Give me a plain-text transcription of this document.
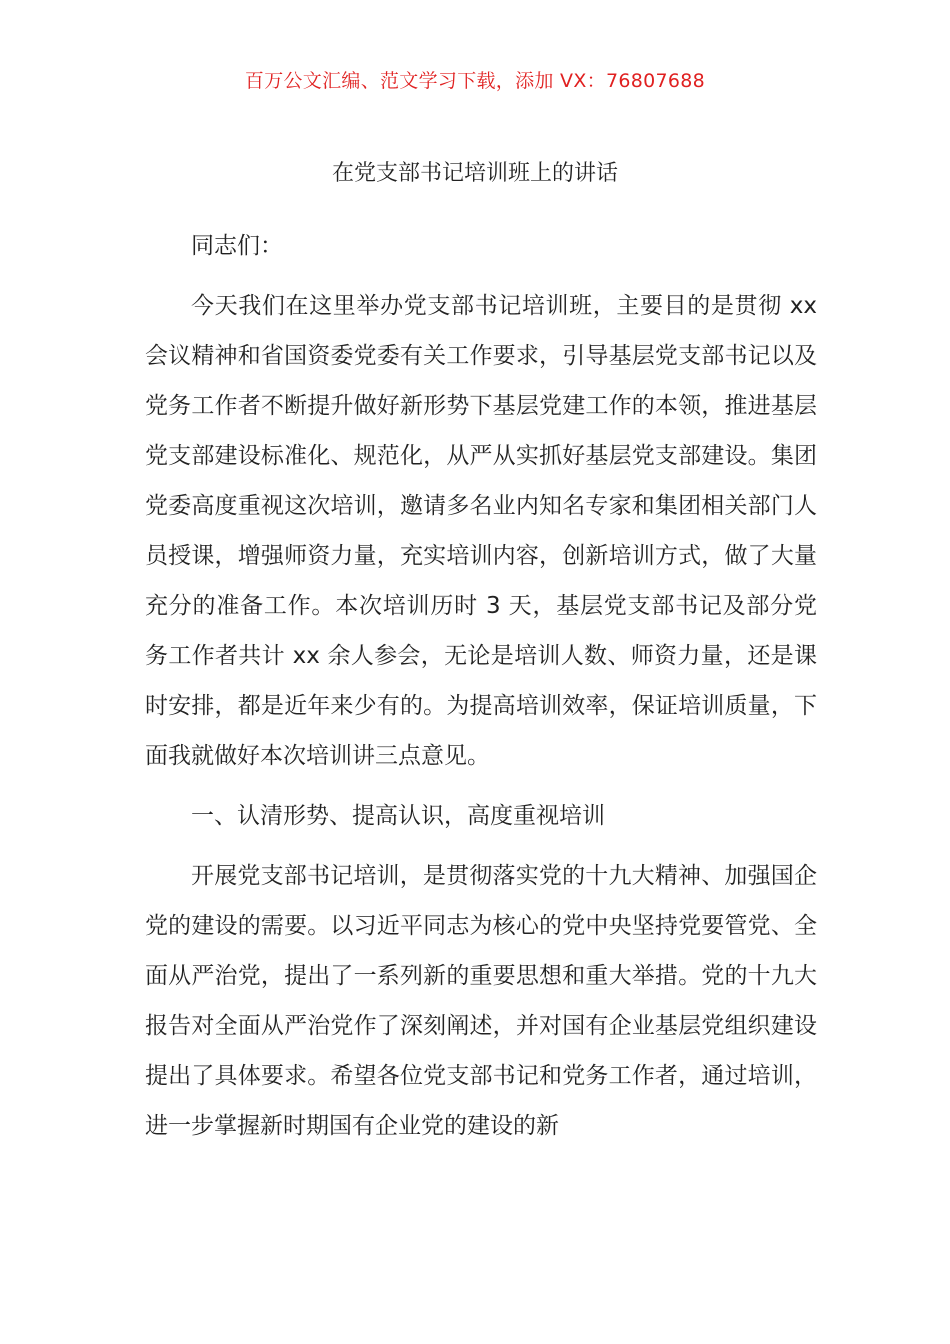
百万公文汇编、范文学习下载，添加 VX：76807688
在党支部书记培训班上的讲话

同志们：

今天我们在这里举办党支部书记培训班，主要目的是贯彻 xx 会议精神和省国资委党委有关工作要求，引导基层党支部书记以及党务工作者不断提升做好新形势下基层党建工作的本领，推进基层党支部建设标准化、规范化，从严从实抓好基层党支部建设。集团党委高度重视这次培训，邀请多名业内知名专家和集团相关部门人员授课，增强师资力量，充实培训内容，创新培训方式，做了大量充分的准备工作。本次培训历时 3 天，基层党支部书记及部分党务工作者共计 xx 余人参会，无论是培训人数、师资力量，还是课时安排，都是近年来少有的。为提高培训效率，保证培训质量，下面我就做好本次培训讲三点意见。

一、认清形势、提高认识，高度重视培训

开展党支部书记培训，是贯彻落实党的十九大精神、加强国企党的建设的需要。以习近平同志为核心的党中央坚持党要管党、全面从严治党，提出了一系列新的重要思想和重大举措。党的十九大报告对全面从严治党作了深刻阐述，并对国有企业基层党组织建设提出了具体要求。希望各位党支部书记和党务工作者，通过培训，进一步掌握新时期国有企业党的建设的新
